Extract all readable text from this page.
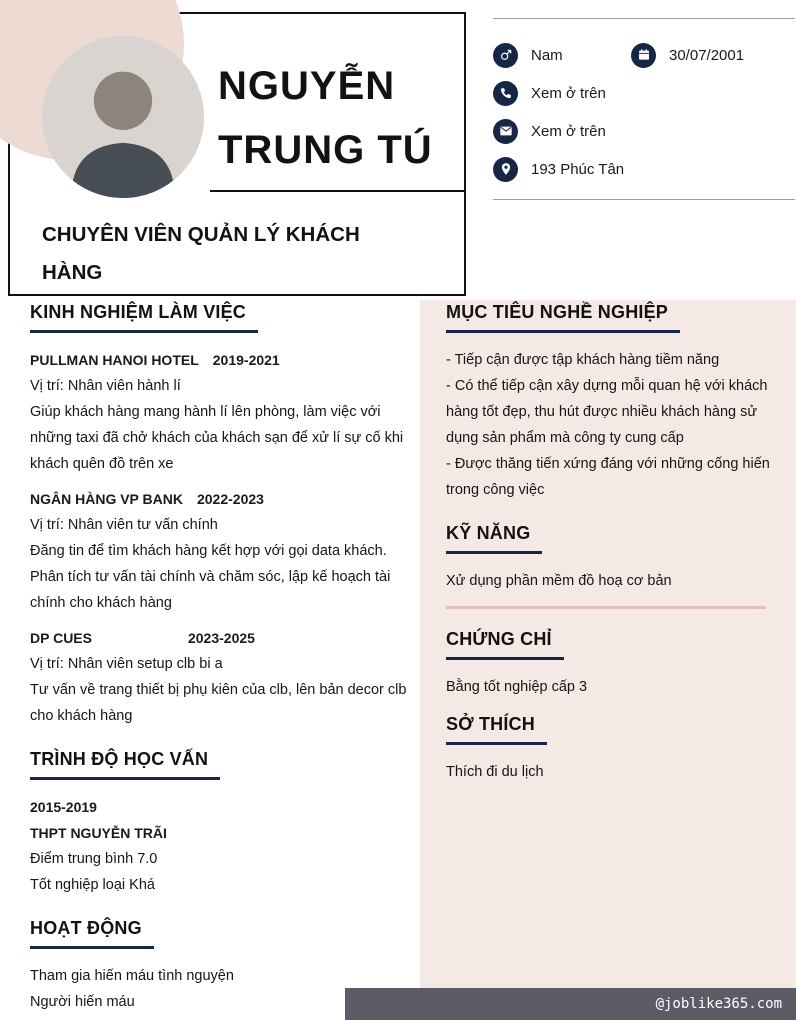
NGUYỄN
TRUNG TÚ
CHUYÊN VIÊN QUẢN LÝ KHÁCH HÀNG
Nam	30/07/2001
Xem ở trên
Xem ở trên
193 Phúc Tân
KINH NGHIỆM LÀM VIỆC
PULLMAN HANOI HOTEL 2019-2021
Vị trí: Nhân viên hành lí
Giúp khách hàng mang hành lí lên phòng, làm việc với những taxi đã chở khách của khách sạn để xử lí sự cố khi khách quên đồ trên xe
NGÂN HÀNG VP BANK 2022-2023
Vị trí: Nhân viên tư vấn chính
Đăng tin để tìm khách hàng kết hợp với gọi data khách. Phân tích tư vấn tài chính và chăm sóc, lập kế hoạch tài chính cho khách hàng
DP CUES	2023-2025
Vị trí: Nhân viên setup clb bi a
Tư vấn về trang thiết bị phụ kiên của clb, lên bản decor clb cho khách hàng
TRÌNH ĐỘ HỌC VẤN
2015-2019
THPT NGUYỄN TRÃI
Điểm trung bình 7.0
Tốt nghiệp loại Khá
HOẠT ĐỘNG
Tham gia hiến máu tình nguyện
Người hiến máu
MỤC TIÊU NGHỀ NGHIỆP
- Tiếp cận được tập khách hàng tiềm năng
- Có thể tiếp cận xây dựng mỗi quan hệ với khách hàng tốt đẹp, thu hút được nhiều khách hàng sử dụng sản phẩm mà công ty cung cấp
- Được thăng tiến xứng đáng với những cống hiến trong công việc
KỸ NĂNG
Xử dụng phần mềm đồ hoạ cơ bản
CHỨNG CHỈ
Bằng tốt nghiệp cấp 3
SỞ THÍCH
Thích đi du lịch
@joblike365.com
